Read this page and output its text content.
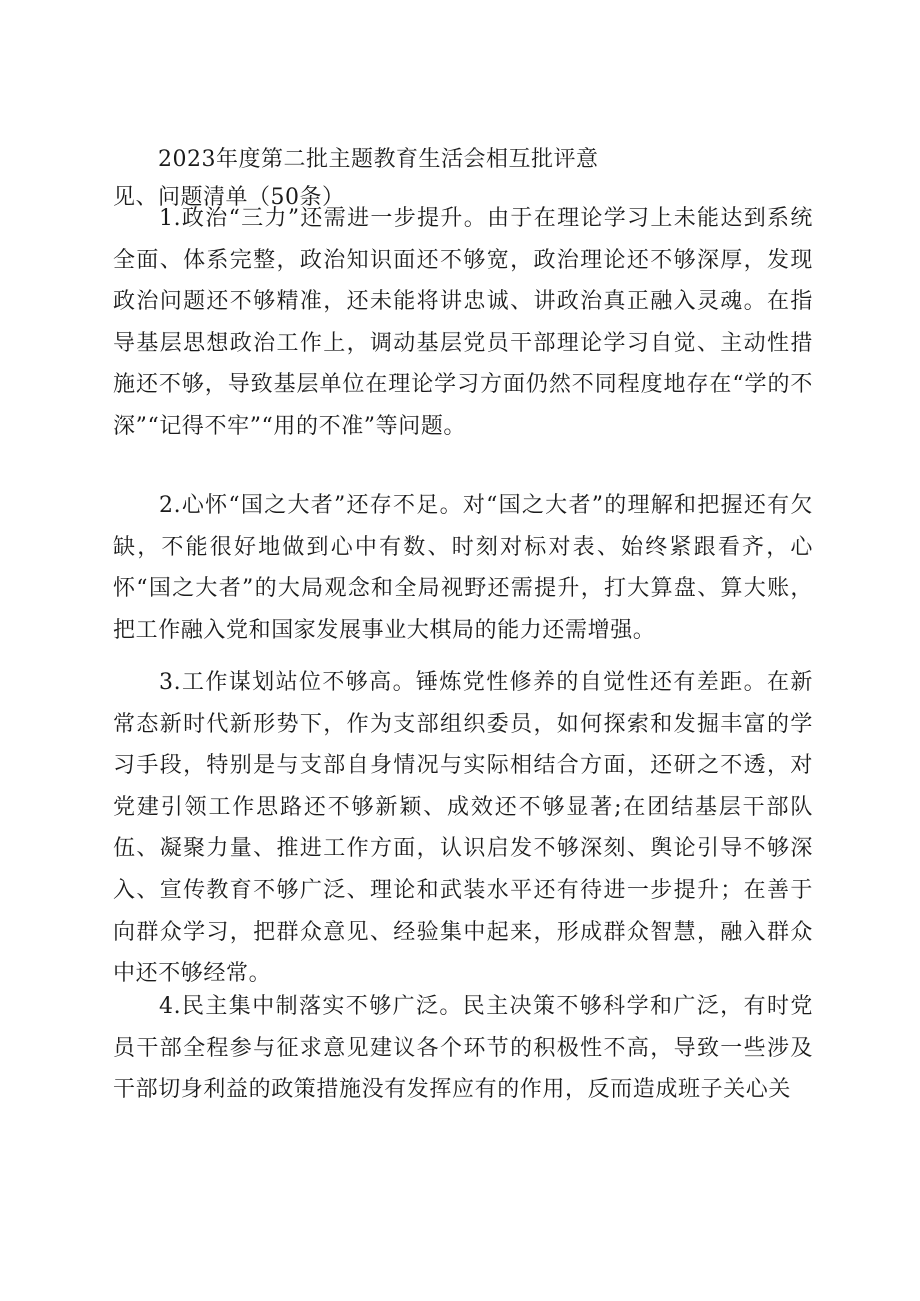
2023年度第二批主题教育生活会相互批评意
见、问题清单（50条）

1.政治“三力”还需进一步提升。由于在理论学习上未能达到系统全面、体系完整，政治知识面还不够宽，政治理论还不够深厚，发现政治问题还不够精准，还未能将讲忠诚、讲政治真正融入灵魂。在指导基层思想政治工作上，调动基层党员干部理论学习自觉、主动性措施还不够，导致基层单位在理论学习方面仍然不同程度地存在“学的不深”“记得不牢”“用的不准”等问题。

2.心怀“国之大者”还存不足。对“国之大者”的理解和把握还有欠缺，不能很好地做到心中有数、时刻对标对表、始终紧跟看齐，心怀“国之大者”的大局观念和全局视野还需提升，打大算盘、算大账，把工作融入党和国家发展事业大棋局的能力还需增强。

3.工作谋划站位不够高。锤炼党性修养的自觉性还有差距。在新常态新时代新形势下，作为支部组织委员，如何探索和发掘丰富的学习手段，特别是与支部自身情况与实际相结合方面，还研之不透，对党建引领工作思路还不够新颖、成效还不够显著;在团结基层干部队伍、凝聚力量、推进工作方面，认识启发不够深刻、舆论引导不够深入、宣传教育不够广泛、理论和武装水平还有待进一步提升；在善于向群众学习，把群众意见、经验集中起来，形成群众智慧，融入群众中还不够经常。

4.民主集中制落实不够广泛。民主决策不够科学和广泛，有时党员干部全程参与征求意见建议各个环节的积极性不高，导致一些涉及干部切身利益的政策措施没有发挥应有的作用，反而造成班子关心关
